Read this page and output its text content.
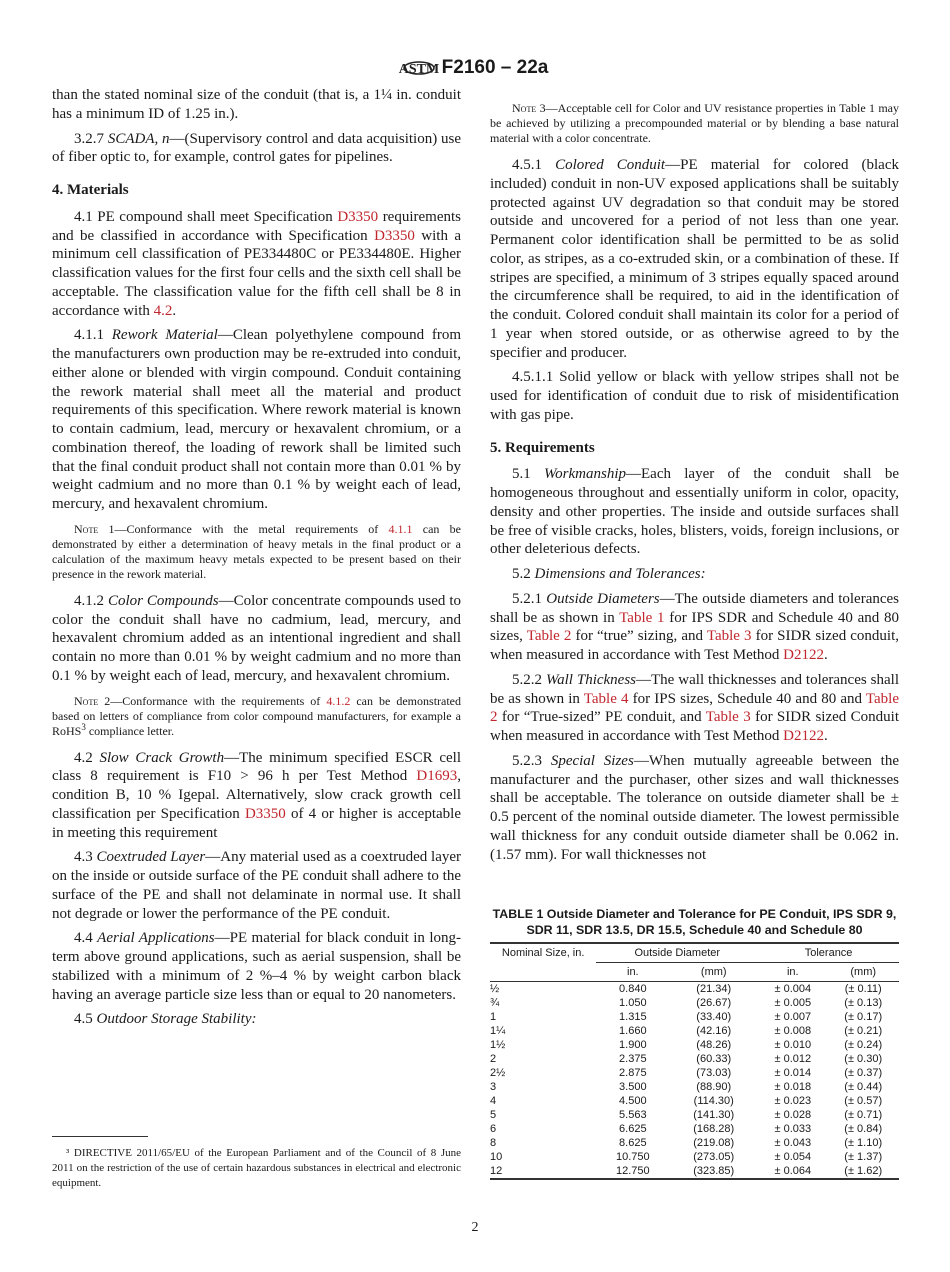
ASTM F2160 – 22a

than the stated nominal size of the conduit (that is, a 1¼ in. conduit has a minimum ID of 1.25 in.).

3.2.7 SCADA, n—(Supervisory control and data acquisition) use of fiber optic to, for example, control gates for pipelines.

4. Materials

4.1 PE compound shall meet Specification D3350 requirements and be classified in accordance with Specification D3350 with a minimum cell classification of PE334480C or PE334480E. Higher classification values for the first four cells and the sixth cell shall be acceptable. The classification value for the fifth cell shall be 8 in accordance with 4.2.

4.1.1 Rework Material—Clean polyethylene compound from the manufacturers own production may be re-extruded into conduit, either alone or blended with virgin compound. Conduit containing the rework material shall meet all the material and product requirements of this specification. Where rework material is known to contain cadmium, lead, mercury or hexavalent chromium, or a combination thereof, the loading of rework shall be limited such that the final conduit product shall not contain more than 0.01 % by weight cadmium and no more than 0.1 % by weight each of lead, mercury, and hexavalent chromium.

Note 1—Conformance with the metal requirements of 4.1.1 can be demonstrated by either a determination of heavy metals in the final product or a calculation of the maximum heavy metals expected to be present based on their presence in the rework material.

4.1.2 Color Compounds—Color concentrate compounds used to color the conduit shall have no cadmium, lead, mercury, and hexavalent chromium added as an intentional ingredient and shall contain no more than 0.01 % by weight cadmium and no more than 0.1 % by weight each of lead, mercury, and hexavalent chromium.

Note 2—Conformance with the requirements of 4.1.2 can be demonstrated based on letters of compliance from color compound manufacturers, for example a RoHS$^3$ compliance letter.

4.2 Slow Crack Growth—The minimum specified ESCR cell class 8 requirement is F10 > 96 h per Test Method D1693, condition B, 10 % Igepal. Alternatively, slow crack growth cell classification per Specification D3350 of 4 or higher is acceptable in meeting this requirement

4.3 Coextruded Layer—Any material used as a coextruded layer on the inside or outside surface of the PE conduit shall adhere to the surface of the PE and shall not delaminate in normal use. It shall not degrade or lower the performance of the PE conduit.

4.4 Aerial Applications—PE material for black conduit in long-term above ground applications, such as aerial suspension, shall be stabilized with a minimum of 2 %–4 % by weight carbon black having an average particle size less than or equal to 20 nanometers.

4.5 Outdoor Storage Stability:

Note 3—Acceptable cell for Color and UV resistance properties in Table 1 may be achieved by utilizing a precompounded material or by blending a base natural material with a color concentrate.

4.5.1 Colored Conduit—PE material for colored (black included) conduit in non-UV exposed applications shall be suitably protected against UV degradation so that conduit may be stored outside and uncovered for a period of not less than one year. Permanent color identification shall be permitted to be as solid color, as stripes, as a co-extruded skin, or a combination of these. If stripes are specified, a minimum of 3 stripes equally spaced around the circumference shall be required, to aid in the identification of the conduit. Colored conduit shall maintain its color for a period of 1 year when stored outside, or as otherwise agreed to by the specifier and producer.

4.5.1.1 Solid yellow or black with yellow stripes shall not be used for identification of conduit due to risk of misidentification with gas pipe.

5. Requirements

5.1 Workmanship—Each layer of the conduit shall be homogeneous throughout and essentially uniform in color, opacity, density and other properties. The inside and outside surfaces shall be free of visible cracks, holes, blisters, voids, foreign inclusions, or other deleterious defects.

5.2 Dimensions and Tolerances:

5.2.1 Outside Diameters—The outside diameters and tolerances shall be as shown in Table 1 for IPS SDR and Schedule 40 and 80 sizes, Table 2 for “true” sizing, and Table 3 for SIDR sized conduit, when measured in accordance with Test Method D2122.

5.2.2 Wall Thickness—The wall thicknesses and tolerances shall be as shown in Table 4 for IPS sizes, Schedule 40 and 80 and Table 2 for “True-sized” PE conduit, and Table 3 for SIDR sized Conduit when measured in accordance with Test Method D2122.

5.2.3 Special Sizes—When mutually agreeable between the manufacturer and the purchaser, other sizes and wall thicknesses shall be acceptable. The tolerance on outside diameter shall be ± 0.5 percent of the nominal outside diameter. The lowest permissible wall thickness for any conduit outside diameter shall be 0.062 in. (1.57 mm). For wall thicknesses not

³ DIRECTIVE 2011/65/EU of the European Parliament and of the Council of 8 June 2011 on the restriction of the use of certain hazardous substances in electrical and electronic equipment.
TABLE 1 Outside Diameter and Tolerance for PE Conduit, IPS SDR 9, SDR 11, SDR 13.5, DR 15.5, Schedule 40 and Schedule 80
Nominal Size, in.	Outside Diameter		Tolerance	
	in.	(mm)	in.	(mm)
½	0.840	(21.34)	± 0.004	(± 0.11)
¾	1.050	(26.67)	± 0.005	(± 0.13)
1	1.315	(33.40)	± 0.007	(± 0.17)
1¼	1.660	(42.16)	± 0.008	(± 0.21)
1½	1.900	(48.26)	± 0.010	(± 0.24)
2	2.375	(60.33)	± 0.012	(± 0.30)
2½	2.875	(73.03)	± 0.014	(± 0.37)
3	3.500	(88.90)	± 0.018	(± 0.44)
4	4.500	(114.30)	± 0.023	(± 0.57)
5	5.563	(141.30)	± 0.028	(± 0.71)
6	6.625	(168.28)	± 0.033	(± 0.84)
8	8.625	(219.08)	± 0.043	(± 1.10)
10	10.750	(273.05)	± 0.054	(± 1.37)
12	12.750	(323.85)	± 0.064	(± 1.62)
2
